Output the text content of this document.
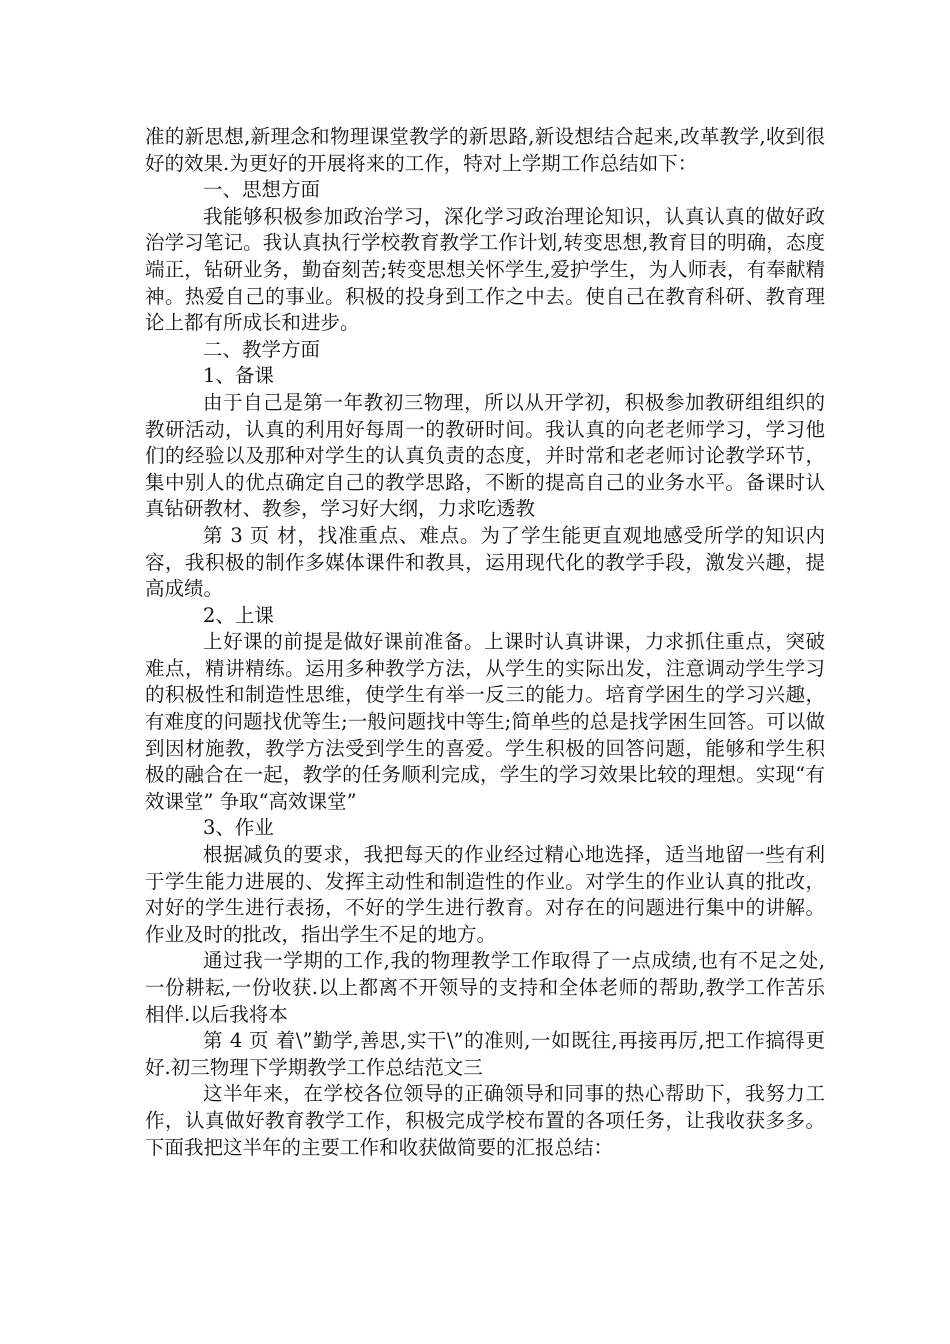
准的新思想,新理念和物理课堂教学的新思路,新设想结合起来,改革教学,收到很好的效果.为更好的开展将来的工作，特对上学期工作总结如下：

一、思想方面

我能够积极参加政治学习，深化学习政治理论知识，认真认真的做好政治学习笔记。我认真执行学校教育教学工作计划,转变思想,教育目的明确，态度端正，钻研业务，勤奋刻苦;转变思想关怀学生,爱护学生，为人师表，有奉献精神。热爱自己的事业。积极的投身到工作之中去。使自己在教育科研、教育理论上都有所成长和进步。

二、教学方面

1、备课

由于自己是第一年教初三物理，所以从开学初，积极参加教研组组织的教研活动，认真的利用好每周一的教研时间。我认真的向老老师学习，学习他们的经验以及那种对学生的认真负责的态度，并时常和老老师讨论教学环节，集中别人的优点确定自己的教学思路，不断的提高自己的业务水平。备课时认真钻研教材、教参，学习好大纲，力求吃透教

第 3 页 材，找准重点、难点。为了学生能更直观地感受所学的知识内容，我积极的制作多媒体课件和教具，运用现代化的教学手段，激发兴趣，提高成绩。

2、上课

上好课的前提是做好课前准备。上课时认真讲课，力求抓住重点，突破难点，精讲精练。运用多种教学方法，从学生的实际出发，注意调动学生学习的积极性和制造性思维，使学生有举一反三的能力。培育学困生的学习兴趣，有难度的问题找优等生;一般问题找中等生;简单些的总是找学困生回答。可以做到因材施教，教学方法受到学生的喜爱。学生积极的回答问题，能够和学生积极的融合在一起，教学的任务顺利完成，学生的学习效果比较的理想。实现“有效课堂” 争取“高效课堂”

3、作业

根据减负的要求，我把每天的作业经过精心地选择，适当地留一些有利于学生能力进展的、发挥主动性和制造性的作业。对学生的作业认真的批改，对好的学生进行表扬，不好的学生进行教育。对存在的问题进行集中的讲解。作业及时的批改，指出学生不足的地方。

通过我一学期的工作,我的物理教学工作取得了一点成绩,也有不足之处,一份耕耘,一份收获.以上都离不开领导的支持和全体老师的帮助,教学工作苦乐相伴.以后我将本

第 4 页 着\”勤学,善思,实干\”的准则,一如既往,再接再厉,把工作搞得更好.初三物理下学期教学工作总结范文三

这半年来，在学校各位领导的正确领导和同事的热心帮助下，我努力工作，认真做好教育教学工作，积极完成学校布置的各项任务，让我收获多多。下面我把这半年的主要工作和收获做简要的汇报总结：
